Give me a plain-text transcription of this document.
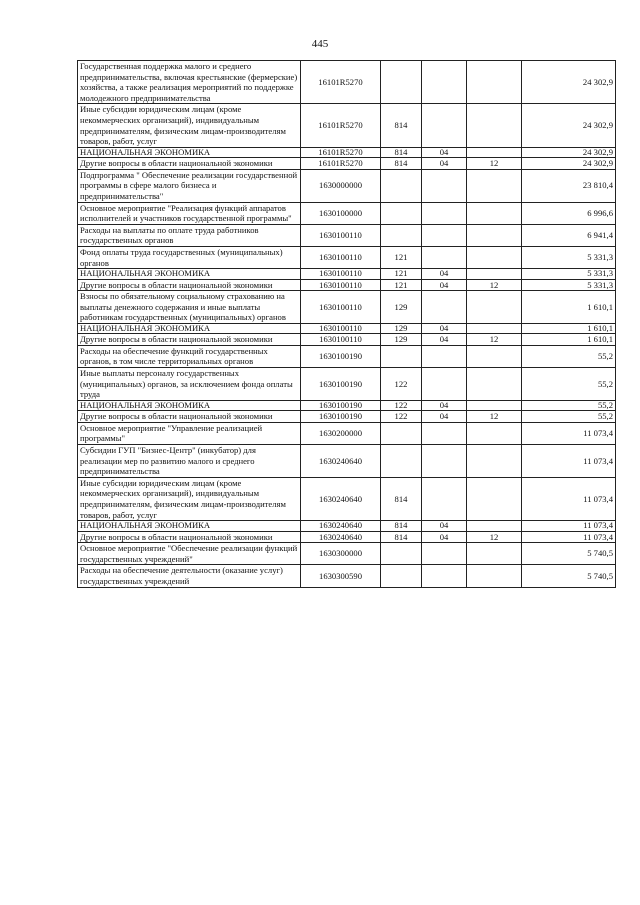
445
Государственная поддержка малого и среднего предпринимательства, включая крестьянские (фермерские) хозяйства, а также реализация мероприятий по поддержке молодежного предпринимательства	16101R5270				24 302,9
Иные субсидии юридическим лицам (кроме некоммерческих организаций), индивидуальным предпринимателям, физическим лицам-производителям товаров, работ, услуг	16101R5270	814			24 302,9
НАЦИОНАЛЬНАЯ ЭКОНОМИКА	16101R5270	814	04		24 302,9
Другие вопросы в области национальной экономики	16101R5270	814	04	12	24 302,9
Подпрограмма " Обеспечение реализации государственной программы в сфере малого бизнеса и предпринимательства"	1630000000				23 810,4
Основное мероприятие "Реализация функций аппаратов исполнителей и участников государственной программы"	1630100000				6 996,6
Расходы на выплаты по оплате труда работников государственных органов	1630100110				6 941,4
Фонд оплаты труда государственных (муниципальных) органов	1630100110	121			5 331,3
НАЦИОНАЛЬНАЯ ЭКОНОМИКА	1630100110	121	04		5 331,3
Другие вопросы в области национальной экономики	1630100110	121	04	12	5 331,3
Взносы по обязательному социальному страхованию на выплаты денежного содержания и иные выплаты работникам государственных (муниципальных) органов	1630100110	129			1 610,1
НАЦИОНАЛЬНАЯ ЭКОНОМИКА	1630100110	129	04		1 610,1
Другие вопросы в области национальной экономики	1630100110	129	04	12	1 610,1
Расходы на обеспечение функций государственных органов, в том числе территориальных органов	1630100190				55,2
Иные выплаты персоналу государственных (муниципальных) органов, за исключением фонда оплаты труда	1630100190	122			55,2
НАЦИОНАЛЬНАЯ ЭКОНОМИКА	1630100190	122	04		55,2
Другие вопросы в области национальной экономики	1630100190	122	04	12	55,2
Основное мероприятие "Управление реализацией программы"	1630200000				11 073,4
Субсидии ГУП "Бизнес-Центр" (инкубатор) для реализации мер по развитию малого и среднего предпринимательства	1630240640				11 073,4
Иные субсидии юридическим лицам (кроме некоммерческих организаций), индивидуальным предпринимателям, физическим лицам-производителям товаров, работ, услуг	1630240640	814			11 073,4
НАЦИОНАЛЬНАЯ ЭКОНОМИКА	1630240640	814	04		11 073,4
Другие вопросы в области национальной экономики	1630240640	814	04	12	11 073,4
Основное мероприятие "Обеспечение реализации функций государственных учреждений"	1630300000				5 740,5
Расходы на обеспечение деятельности (оказание услуг) государственных учреждений	1630300590				5 740,5
